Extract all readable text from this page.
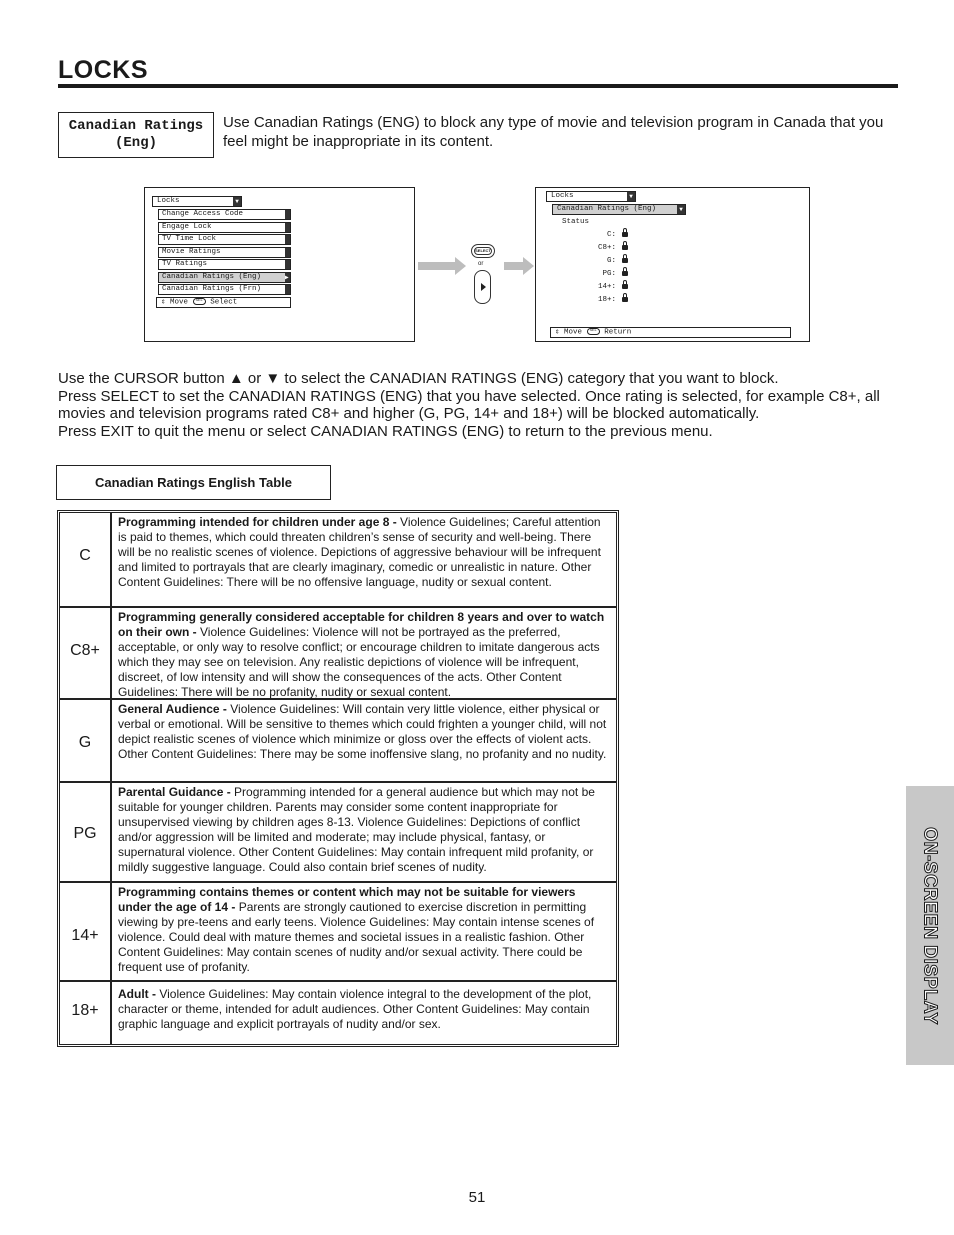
LOCKS
Canadian Ratings (Eng)
Use Canadian Ratings (ENG) to block any type of movie and television program in Canada that you feel might be inappropriate in its content.
Locks	▼
Change Access Code
Engage Lock
TV Time Lock
Movie Ratings
TV Ratings
Canadian Ratings (Eng)	▶
Canadian Ratings (Frn)
⇕ Move SEL Select
SELECT
or
Locks	▼
Canadian Ratings (Eng)	▼
Status
C:
C8+:
G:
PG:
14+:
18+:
⇕ Move SEL Return

Use the CURSOR button ▲ or ▼ to select the CANADIAN RATINGS (ENG) category that you want to block.

Press SELECT to set the CANADIAN RATINGS (ENG) that you have selected. Once rating is selected, for example C8+, all movies and television programs rated C8+ and higher (G, PG, 14+ and 18+) will be blocked automatically.

Press EXIT to quit the menu or select CANADIAN RATINGS (ENG) to return to the previous menu.

Canadian Ratings English Table
C
Programming intended for children under age 8 - Violence Guidelines; Careful attention is paid to themes, which could threaten children’s sense of security and well-being. There will be no realistic scenes of violence. Depictions of aggressive behaviour will be infrequent and limited to portrayals that are clearly imaginary, comedic or unrealistic in nature. Other Content Guidelines: There will be no offensive language, nudity or sexual content.
C8+
Programming generally considered acceptable for children 8 years and over to watch on their own - Violence Guidelines: Violence will not be portrayed as the preferred, acceptable, or only way to resolve conflict; or encourage children to imitate dangerous acts which they may see on television. Any realistic depictions of violence will be infrequent, discreet, of low intensity and will show the consequences of the acts. Other Content Guidelines: There will be no profanity, nudity or sexual content.
G
General Audience - Violence Guidelines: Will contain very little violence, either physical or verbal or emotional. Will be sensitive to themes which could frighten a younger child, will not depict realistic scenes of violence which minimize or gloss over the effects of violent acts. Other Content Guidelines: There may be some inoffensive slang, no profanity and no nudity.
PG
Parental Guidance - Programming intended for a general audience but which may not be suitable for younger children. Parents may consider some content inappropriate for unsupervised viewing by children ages 8-13. Violence Guidelines: Depictions of conflict and/or aggression will be limited and moderate; may include physical, fantasy, or supernatural violence. Other Content Guidelines: May contain infrequent mild profanity, or mildly suggestive language. Could also contain brief scenes of nudity.
14+
Programming contains themes or content which may not be suitable for viewers under the age of 14 - Parents are strongly cautioned to exercise discretion in permitting viewing by pre-teens and early teens. Violence Guidelines: May contain intense scenes of violence. Could deal with mature themes and societal issues in a realistic fashion. Other Content Guidelines: May contain scenes of nudity and/or sexual activity. There could be frequent use of profanity.
18+
Adult - Violence Guidelines: May contain violence integral to the development of the plot, character or theme, intended for adult audiences. Other Content Guidelines: May contain graphic language and explicit portrayals of nudity and/or sex.	ON-SCREEN DISPLAY
51
